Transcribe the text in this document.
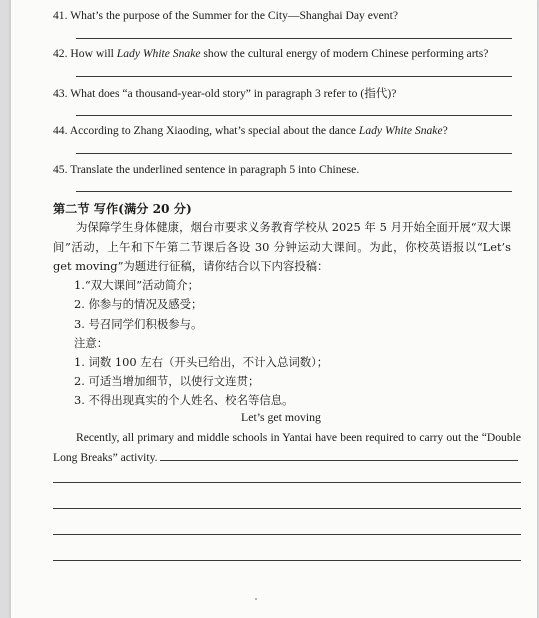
41. What’s the purpose of the Summer for the City—Shanghai Day event?
42. How will Lady White Snake show the cultural energy of modern Chinese performing arts?
43. What does “a thousand-year-old story” in paragraph 3 refer to (指代)?
44. According to Zhang Xiaoding, what’s special about the dance Lady White Snake?
45. Translate the underlined sentence in paragraph 5 into Chinese.
第二节 写作(满分 20 分)
为保障学生身体健康，烟台市要求义务教育学校从 2025 年 5 月开始全面开展“双大课间”活动，上午和下午第二节课后各设 30 分钟运动大课间。为此，你校英语报以“Let’s get moving”为题进行征稿，请你结合以下内容投稿：
1.“双大课间”活动简介；
2. 你参与的情况及感受；
3. 号召同学们积极参与。
注意：
1. 词数 100 左右（开头已给出，不计入总词数）；
2. 可适当增加细节，以使行文连贯；
3. 不得出现真实的个人姓名、校名等信息。
Let’s get moving
Recently, all primary and middle schools in Yantai have been required to carry out the “Double Long Breaks” activity.
